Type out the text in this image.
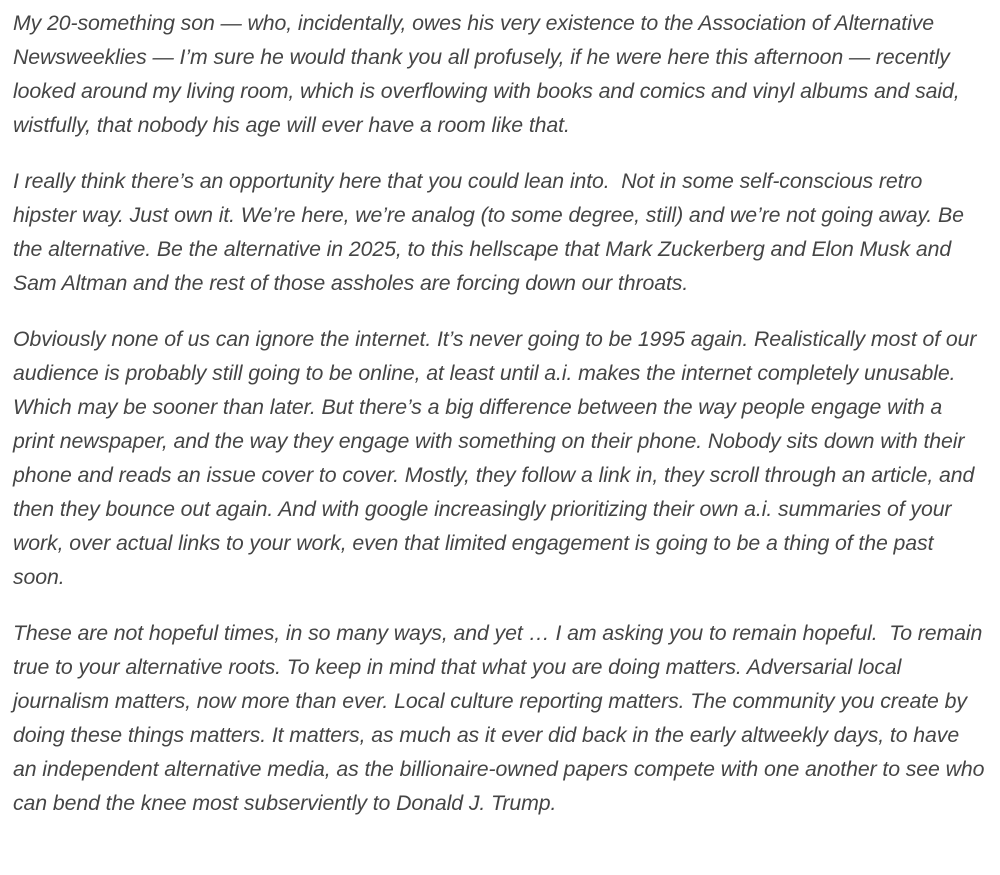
My 20-something son — who, incidentally, owes his very existence to the Association of Alternative Newsweeklies — I’m sure he would thank you all profusely, if he were here this afternoon — recently looked around my living room, which is overflowing with books and comics and vinyl albums and said, wistfully, that nobody his age will ever have a room like that.

I really think there’s an opportunity here that you could lean into.  Not in some self-conscious retro hipster way. Just own it. We’re here, we’re analog (to some degree, still) and we’re not going away. Be the alternative. Be the alternative in 2025, to this hellscape that Mark Zuckerberg and Elon Musk and Sam Altman and the rest of those assholes are forcing down our throats.

Obviously none of us can ignore the internet. It’s never going to be 1995 again. Realistically most of our audience is probably still going to be online, at least until a.i. makes the internet completely unusable. Which may be sooner than later. But there’s a big difference between the way people engage with a print newspaper, and the way they engage with something on their phone. Nobody sits down with their phone and reads an issue cover to cover. Mostly, they follow a link in, they scroll through an article, and then they bounce out again. And with google increasingly prioritizing their own a.i. summaries of your work, over actual links to your work, even that limited engagement is going to be a thing of the past soon.

These are not hopeful times, in so many ways, and yet … I am asking you to remain hopeful.  To remain true to your alternative roots. To keep in mind that what you are doing matters. Adversarial local journalism matters, now more than ever. Local culture reporting matters. The community you create by doing these things matters. It matters, as much as it ever did back in the early altweekly days, to have an independent alternative media, as the billionaire-owned papers compete with one another to see who can bend the knee most subserviently to Donald J. Trump.
